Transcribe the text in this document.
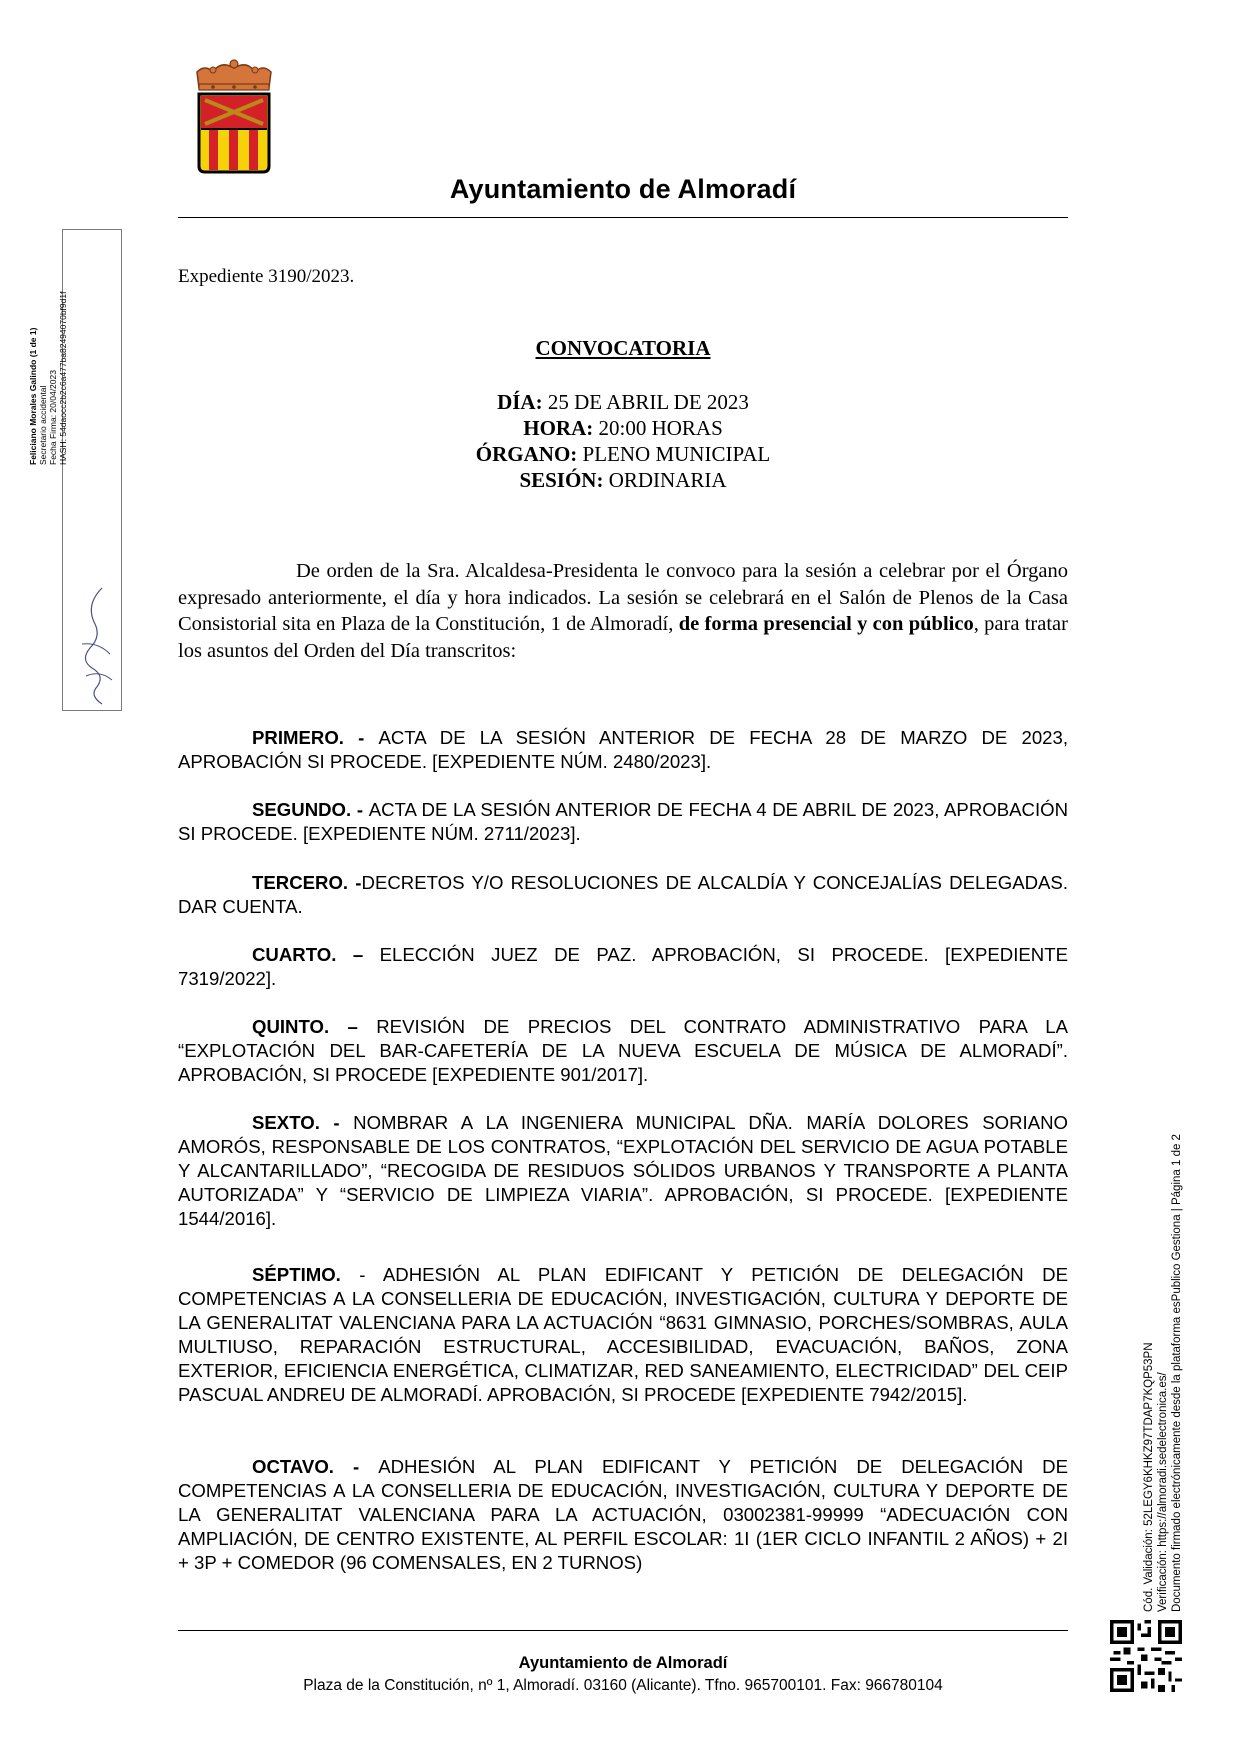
Ayuntamiento de Almoradí
Feliciano Morales Galindo (1 de 1) Secretario accidental Fecha Firma: 20/04/2023 HASH: 54daocc2b2c6a477ba82494070bf9d1f
Expediente 3190/2023.
CONVOCATORIA
DÍA: 25 DE ABRIL DE 2023
HORA: 20:00 HORAS
ÓRGANO: PLENO MUNICIPAL
SESIÓN: ORDINARIA
De orden de la Sra. Alcaldesa-Presidenta le convoco para la sesión a celebrar por el Órgano expresado anteriormente, el día y hora indicados. La sesión se celebrará en el Salón de Plenos de la Casa Consistorial sita en Plaza de la Constitución, 1 de Almoradí, de forma presencial y con público, para tratar los asuntos del Orden del Día transcritos:
PRIMERO. - ACTA DE LA SESIÓN ANTERIOR DE FECHA 28 DE MARZO DE 2023, APROBACIÓN SI PROCEDE. [EXPEDIENTE NÚM. 2480/2023].
SEGUNDO. - ACTA DE LA SESIÓN ANTERIOR DE FECHA 4 DE ABRIL DE 2023, APROBACIÓN SI PROCEDE. [EXPEDIENTE NÚM. 2711/2023].
TERCERO. -DECRETOS Y/O RESOLUCIONES DE ALCALDÍA Y CONCEJALÍAS DELEGADAS. DAR CUENTA.
CUARTO. – ELECCIÓN JUEZ DE PAZ. APROBACIÓN, SI PROCEDE. [EXPEDIENTE 7319/2022].
QUINTO. – REVISIÓN DE PRECIOS DEL CONTRATO ADMINISTRATIVO PARA LA “EXPLOTACIÓN DEL BAR-CAFETERÍA DE LA NUEVA ESCUELA DE MÚSICA DE ALMORADÍ”. APROBACIÓN, SI PROCEDE [EXPEDIENTE 901/2017].
SEXTO. - NOMBRAR A LA INGENIERA MUNICIPAL DÑA. MARÍA DOLORES SORIANO AMORÓS, RESPONSABLE DE LOS CONTRATOS, “EXPLOTACIÓN DEL SERVICIO DE AGUA POTABLE Y ALCANTARILLADO”, “RECOGIDA DE RESIDUOS SÓLIDOS URBANOS Y TRANSPORTE A PLANTA AUTORIZADA” Y “SERVICIO DE LIMPIEZA VIARIA”. APROBACIÓN, SI PROCEDE. [EXPEDIENTE 1544/2016].
SÉPTIMO. - ADHESIÓN AL PLAN EDIFICANT Y PETICIÓN DE DELEGACIÓN DE COMPETENCIAS A LA CONSELLERIA DE EDUCACIÓN, INVESTIGACIÓN, CULTURA Y DEPORTE DE LA GENERALITAT VALENCIANA PARA LA ACTUACIÓN “8631 GIMNASIO, PORCHES/SOMBRAS, AULA MULTIUSO, REPARACIÓN ESTRUCTURAL, ACCESIBILIDAD, EVACUACIÓN, BAÑOS, ZONA EXTERIOR, EFICIENCIA ENERGÉTICA, CLIMATIZAR, RED SANEAMIENTO, ELECTRICIDAD” DEL CEIP PASCUAL ANDREU DE ALMORADÍ. APROBACIÓN, SI PROCEDE [EXPEDIENTE 7942/2015].
OCTAVO. - ADHESIÓN AL PLAN EDIFICANT Y PETICIÓN DE DELEGACIÓN DE COMPETENCIAS A LA CONSELLERIA DE EDUCACIÓN, INVESTIGACIÓN, CULTURA Y DEPORTE DE LA GENERALITAT VALENCIANA PARA LA ACTUACIÓN, 03002381-99999 “ADECUACIÓN CON AMPLIACIÓN, DE CENTRO EXISTENTE, AL PERFIL ESCOLAR: 1I (1ER CICLO INFANTIL 2 AÑOS) + 2I + 3P + COMEDOR (96 COMENSALES, EN 2 TURNOS)
Ayuntamiento de Almoradí
Plaza de la Constitución, nº 1, Almoradí. 03160 (Alicante). Tfno. 965700101. Fax: 966780104
Cód. Validación: 52LEGY6KHKZ97TDAP7KQP53PN Verificación: https://almoradi.sedelectronica.es/ Documento firmado electrónicamente desde la plataforma esPublico Gestiona | Página 1 de 2
